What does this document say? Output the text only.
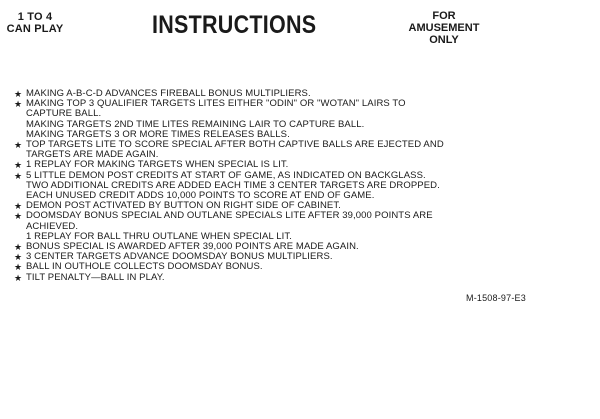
1 TO 4
CAN PLAY	INSTRUCTIONS	FOR
AMUSEMENT
ONLY
★ MAKING A-B-C-D ADVANCES FIREBALL BONUS MULTIPLIERS.
★ MAKING TOP 3 QUALIFIER TARGETS LITES EITHER "ODIN" OR "WOTAN" LAIRS TO
CAPTURE BALL.
MAKING TARGETS 2ND TIME LITES REMAINING LAIR TO CAPTURE BALL.
MAKING TARGETS 3 OR MORE TIMES RELEASES BALLS.
★ TOP TARGETS LITE TO SCORE SPECIAL AFTER BOTH CAPTIVE BALLS ARE EJECTED AND
TARGETS ARE MADE AGAIN.
★ 1 REPLAY FOR MAKING TARGETS WHEN SPECIAL IS LIT.
★ 5 LITTLE DEMON POST CREDITS AT START OF GAME, AS INDICATED ON BACKGLASS.
TWO ADDITIONAL CREDITS ARE ADDED EACH TIME 3 CENTER TARGETS ARE DROPPED.
EACH UNUSED CREDIT ADDS 10,000 POINTS TO SCORE AT END OF GAME.
★ DEMON POST ACTIVATED BY BUTTON ON RIGHT SIDE OF CABINET.
★ DOOMSDAY BONUS SPECIAL AND OUTLANE SPECIALS LITE AFTER 39,000 POINTS ARE
ACHIEVED.
1 REPLAY FOR BALL THRU OUTLANE WHEN SPECIAL LIT.
★ BONUS SPECIAL IS AWARDED AFTER 39,000 POINTS ARE MADE AGAIN.
★ 3 CENTER TARGETS ADVANCE DOOMSDAY BONUS MULTIPLIERS.
★ BALL IN OUTHOLE COLLECTS DOOMSDAY BONUS.
★ TILT PENALTY—BALL IN PLAY.
M-1508-97-E3
